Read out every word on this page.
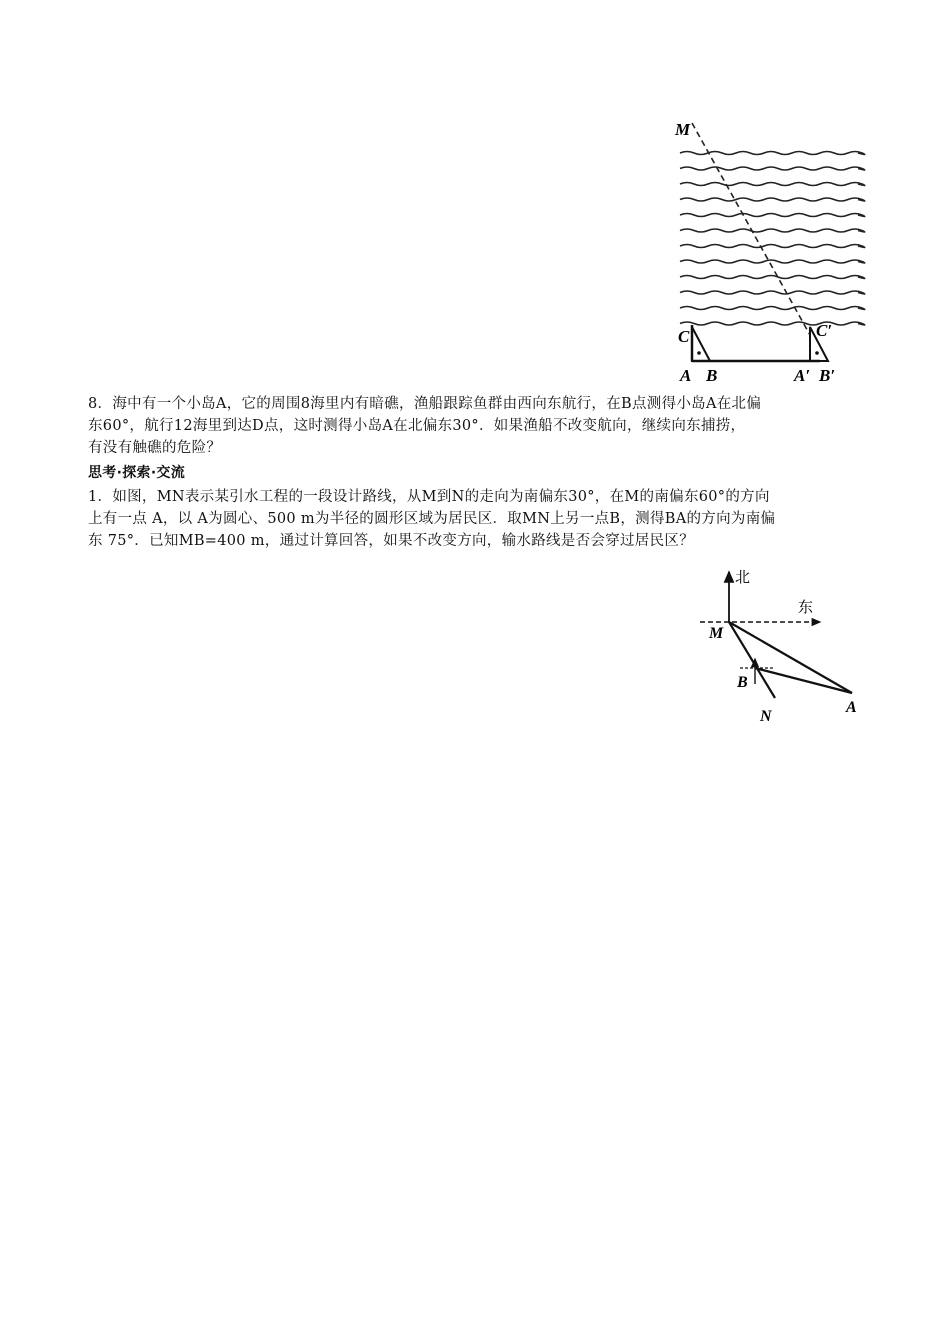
M
C	C′
A B	A′ B′
8．海中有一个小岛A，它的周围8海里内有暗礁，渔船跟踪鱼群由西向东航行，在B点测得小岛A在北偏
东60°，航行12海里到达D点，这时测得小岛A在北偏东30°．如果渔船不改变航向，继续向东捕捞，
有没有触礁的危险？
思考·探索·交流
1．如图，MN表示某引水工程的一段设计路线，从M到N的走向为南偏东30°，在M的南偏东60°的方向
上有一点 A，以 A为圆心、500 m为半径的圆形区域为居民区．取MN上另一点B，测得BA的方向为南偏
东 75°．已知MB=400 m，通过计算回答，如果不改变方向，输水路线是否会穿过居民区？
北
东
M
B
N
A
